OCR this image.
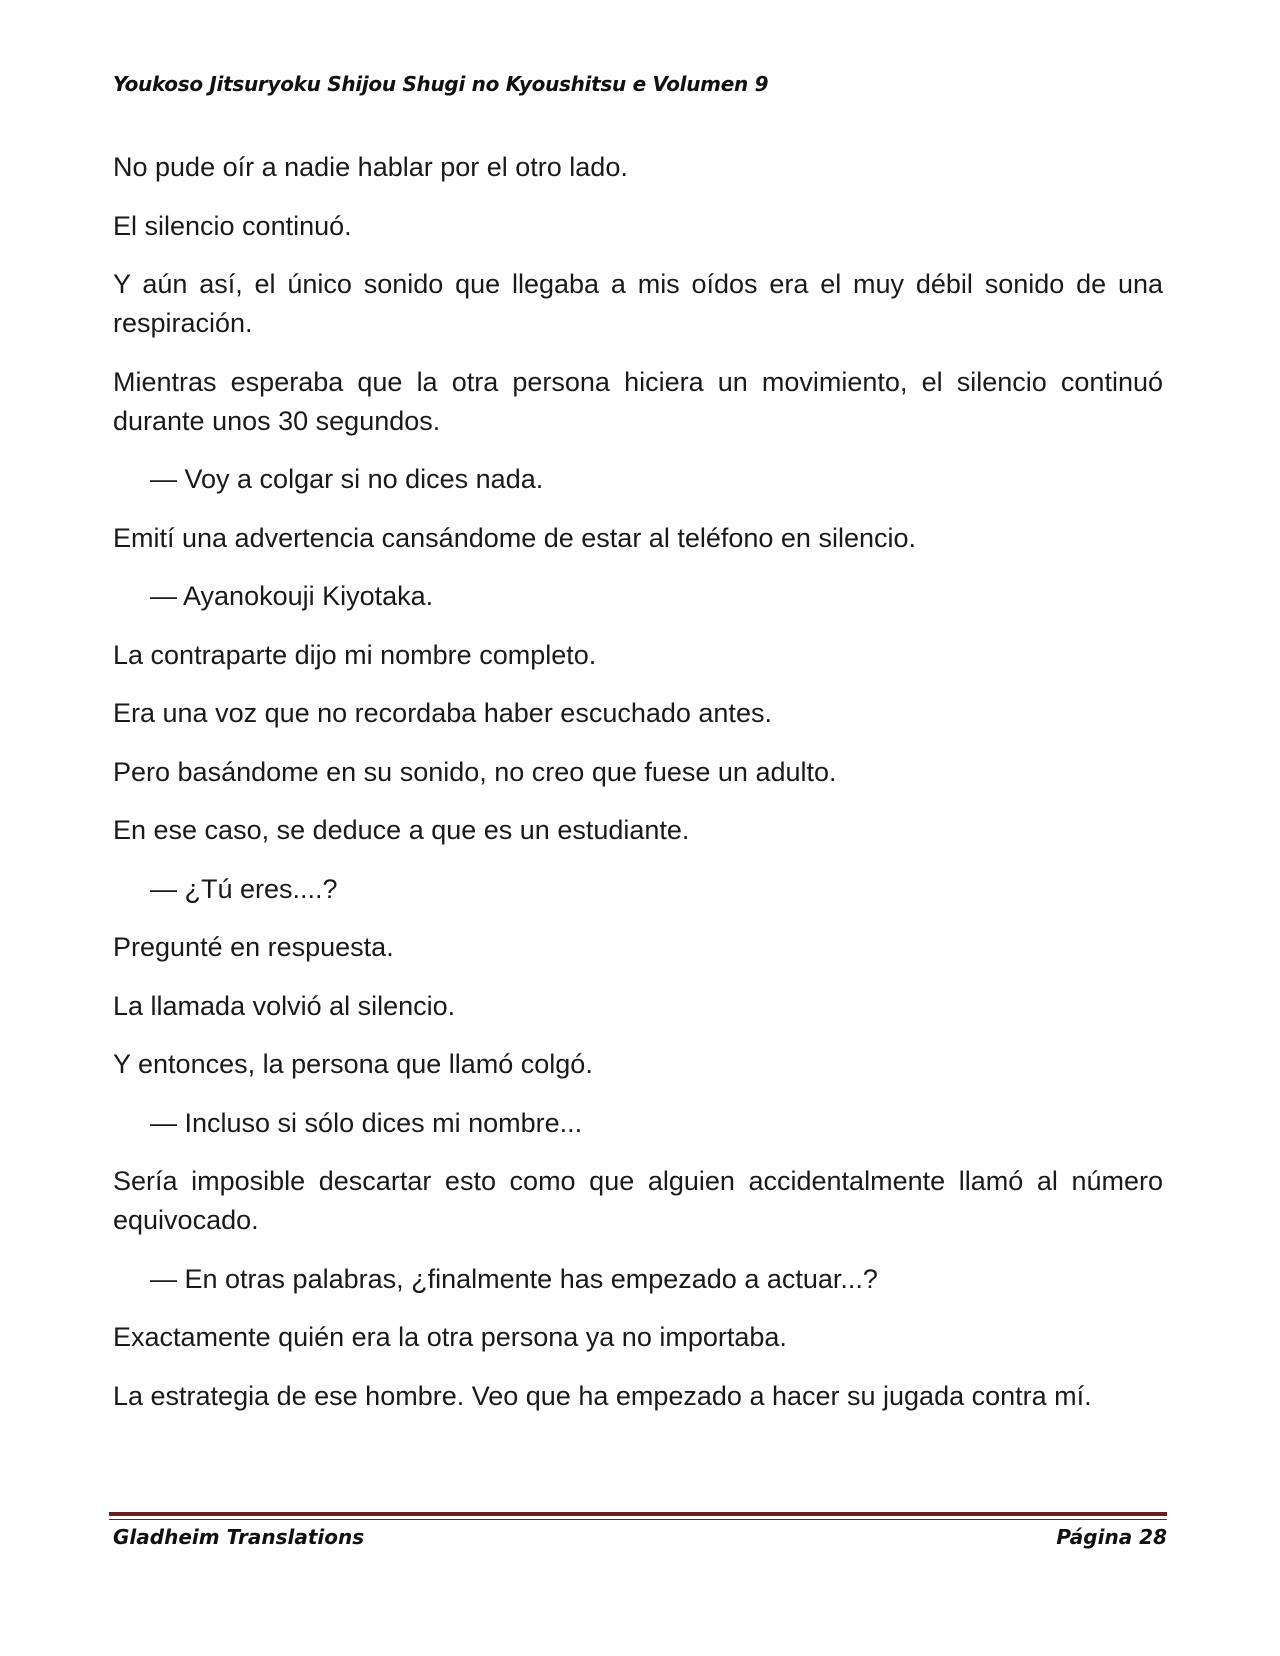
Youkoso Jitsuryoku Shijou Shugi no Kyoushitsu e Volumen 9

No pude oír a nadie hablar por el otro lado.

El silencio continuó.

Y aún así, el único sonido que llegaba a mis oídos era el muy débil sonido de una respiración.

Mientras esperaba que la otra persona hiciera un movimiento, el silencio continuó durante unos 30 segundos.

— Voy a colgar si no dices nada.

Emití una advertencia cansándome de estar al teléfono en silencio.

— Ayanokouji Kiyotaka.

La contraparte dijo mi nombre completo.

Era una voz que no recordaba haber escuchado antes.

Pero basándome en su sonido, no creo que fuese un adulto.

En ese caso, se deduce a que es un estudiante.

— ¿Tú eres....?

Pregunté en respuesta.

La llamada volvió al silencio.

Y entonces, la persona que llamó colgó.

— Incluso si sólo dices mi nombre...

Sería imposible descartar esto como que alguien accidentalmente llamó al número equivocado.

— En otras palabras, ¿finalmente has empezado a actuar...?

Exactamente quién era la otra persona ya no importaba.

La estrategia de ese hombre. Veo que ha empezado a hacer su jugada contra mí.

Gladheim Translations	Página 28
